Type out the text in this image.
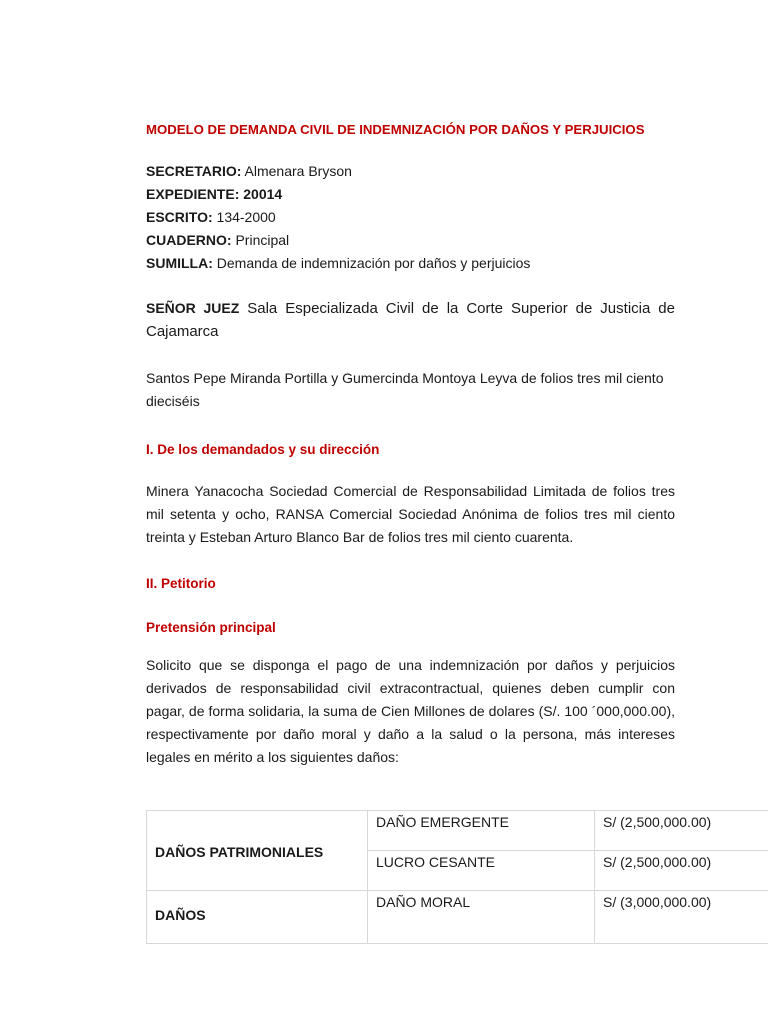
MODELO DE DEMANDA CIVIL DE INDEMNIZACIÓN POR DAÑOS Y PERJUICIOS

SECRETARIO: Almenara Bryson
EXPEDIENTE: 20014
ESCRITO: 134-2000
CUADERNO: Principal
SUMILLA: Demanda de indemnización por daños y perjuicios
SEÑOR JUEZ Sala Especializada Civil de la Corte Superior de Justicia de Cajamarca
Santos Pepe Miranda Portilla y Gumercinda Montoya Leyva de folios tres mil ciento dieciséis
I. De los demandados y su dirección
Minera Yanacocha Sociedad Comercial de Responsabilidad Limitada de folios tres mil setenta y ocho, RANSA Comercial Sociedad Anónima de folios tres mil ciento treinta y Esteban Arturo Blanco Bar de folios tres mil ciento cuarenta.
II. Petitorio
Pretensión principal
Solicito que se disponga el pago de una indemnización por daños y perjuicios derivados de responsabilidad civil extracontractual, quienes deben cumplir con pagar, de forma solidaria, la suma de Cien Millones de dolares (S/. 100 ´000,000.00), respectivamente por daño moral y daño a la salud o la persona, más intereses legales en mérito a los siguientes daños:
DAÑOS PATRIMONIALES	DAÑO EMERGENTE	S/ (2,500,000.00)
	LUCRO CESANTE	S/ (2,500,000.00)
DAÑOS	DAÑO MORAL	S/ (3,000,000.00)
